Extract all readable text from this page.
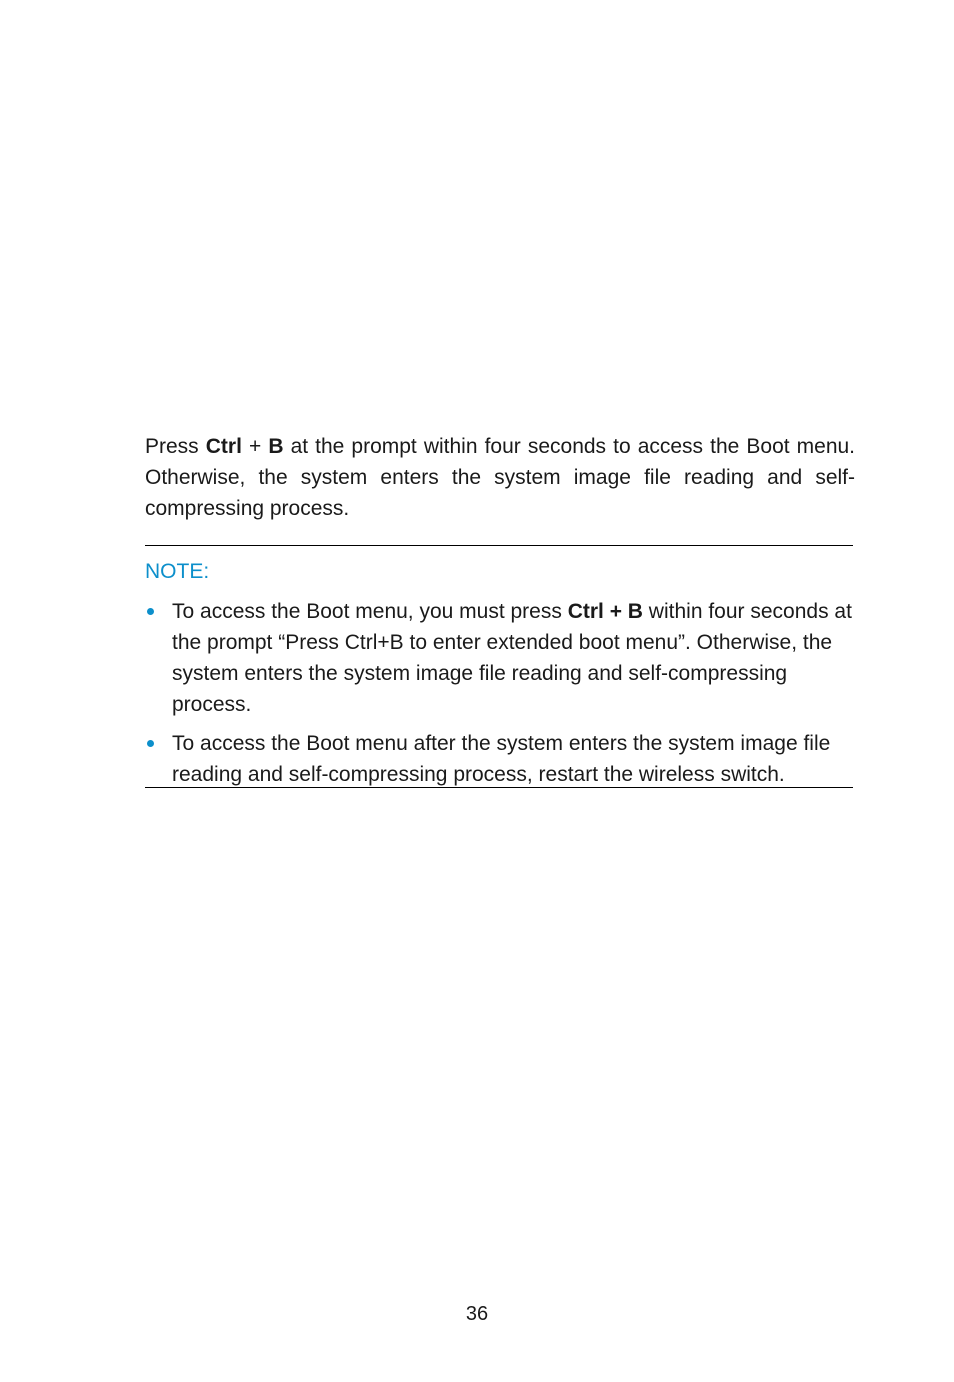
Press Ctrl + B at the prompt within four seconds to access the Boot menu. Otherwise, the system enters the system image file reading and self-compressing process.

NOTE:

To access the Boot menu, you must press Ctrl + B within four seconds at the prompt “Press Ctrl+B to enter extended boot menu”. Otherwise, the system enters the system image file reading and self-compressing process.
To access the Boot menu after the system enters the system image file reading and self-compressing process, restart the wireless switch.

36
